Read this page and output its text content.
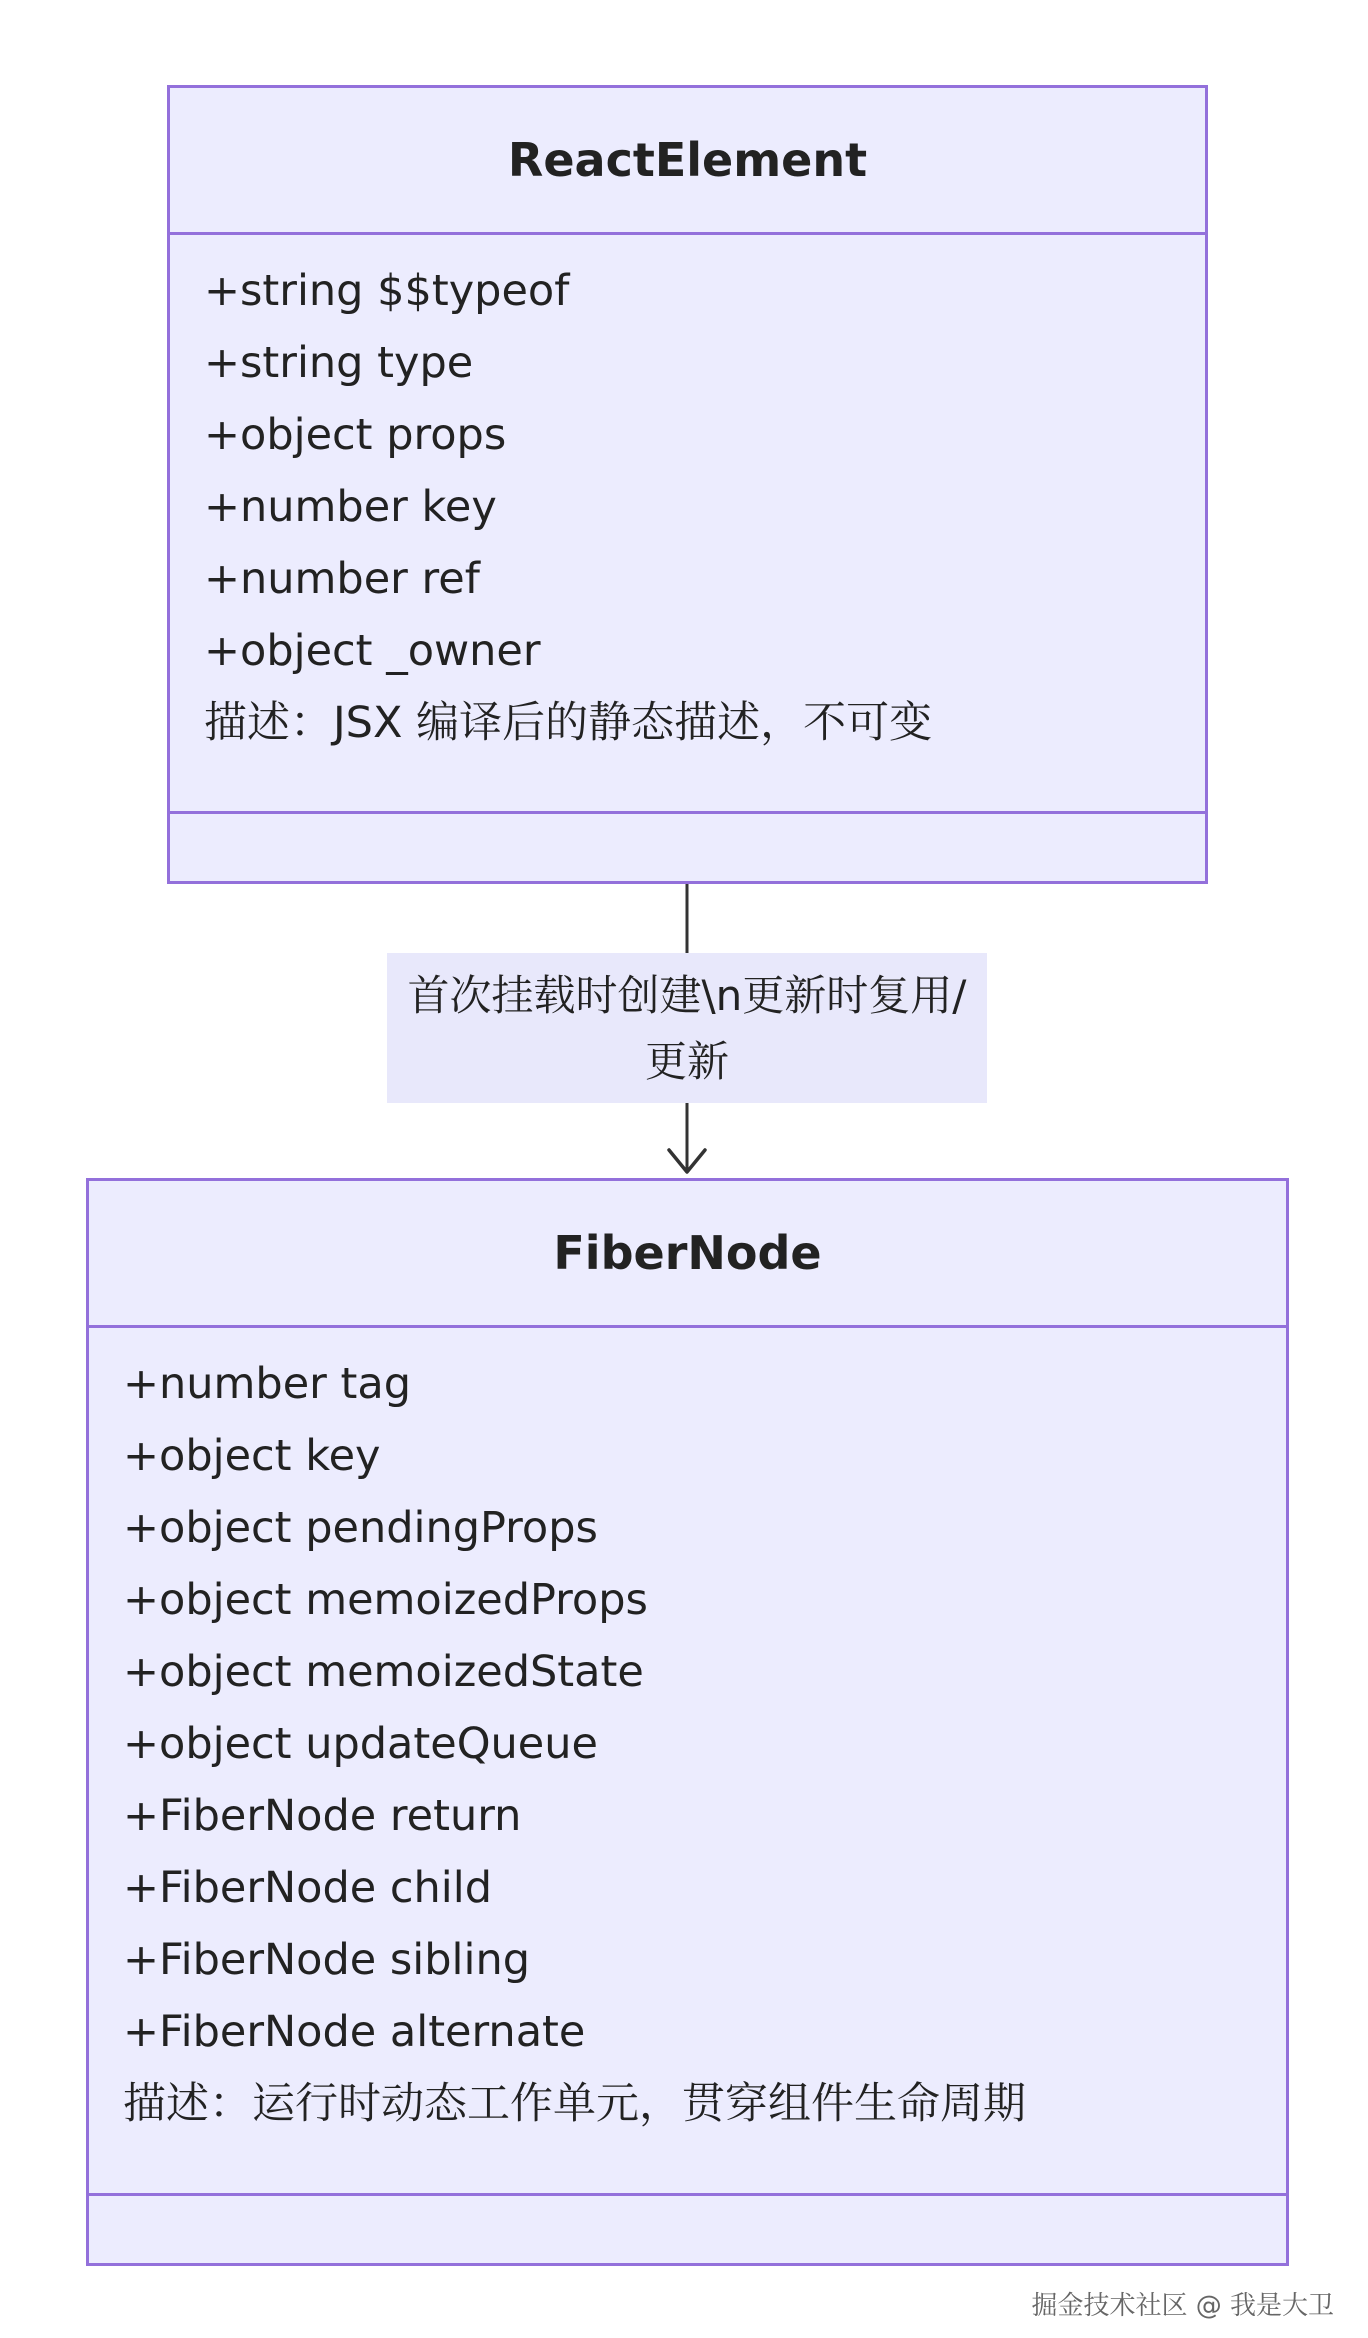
ReactElement
+string $$typeof
+string type
+object props
+number key
+number ref
+object _owner
描述：JSX 编译后的静态描述，不可变
首次挂载时创建\n更新时复用/更新
FiberNode
+number tag
+object key
+object pendingProps
+object memoizedProps
+object memoizedState
+object updateQueue
+FiberNode return
+FiberNode child
+FiberNode sibling
+FiberNode alternate
描述：运行时动态工作单元，贯穿组件生命周期
掘金技术社区 @ 我是大卫
